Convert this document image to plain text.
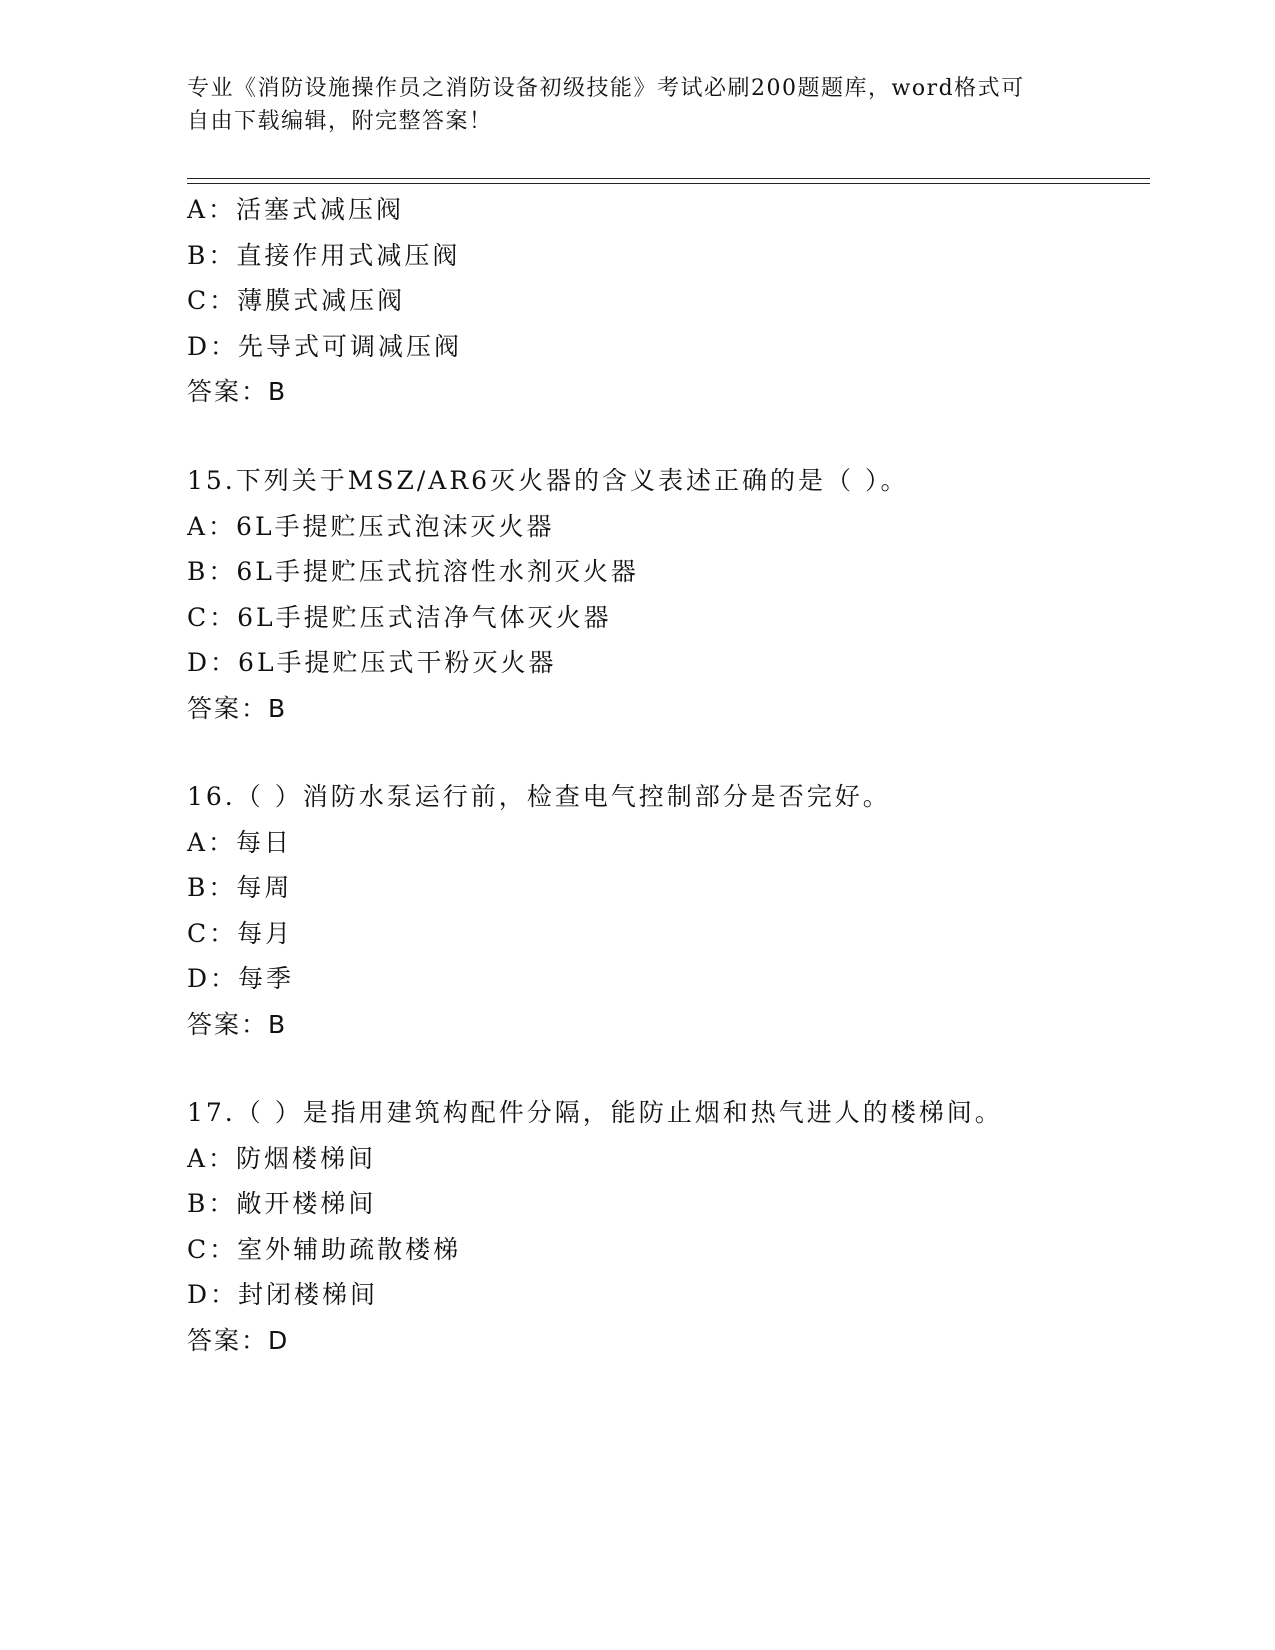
专业《消防设施操作员之消防设备初级技能》考试必刷200题题库，word格式可
自由下载编辑，附完整答案！
A：活塞式减压阀
B：直接作用式减压阀
C：薄膜式减压阀
D：先导式可调减压阀
答案：B
15.下列关于MSZ/AR6灭火器的含义表述正确的是（ ）。
A：6L手提贮压式泡沫灭火器
B：6L手提贮压式抗溶性水剂灭火器
C：6L手提贮压式洁净气体灭火器
D：6L手提贮压式干粉灭火器
答案：B
16.（ ）消防水泵运行前，检查电气控制部分是否完好。
A：每日
B：每周
C：每月
D：每季
答案：B
17.（ ）是指用建筑构配件分隔，能防止烟和热气进人的楼梯间。
A：防烟楼梯间
B：敞开楼梯间
C：室外辅助疏散楼梯
D：封闭楼梯间
答案：D
